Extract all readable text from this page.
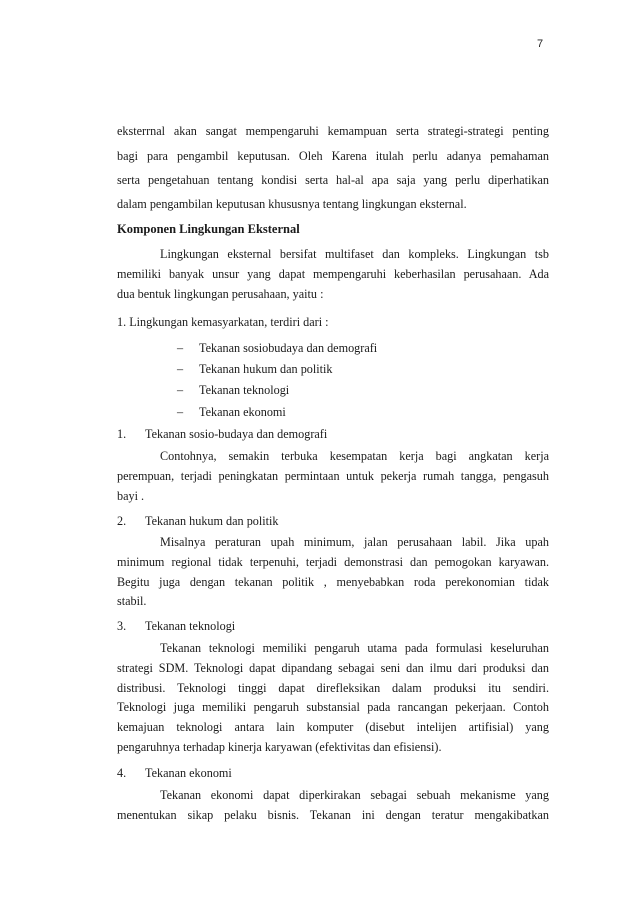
7
eksterrnal akan sangat mempengaruhi kemampuan serta strategi-strategi penting
bagi para pengambil keputusan. Oleh Karena itulah perlu adanya pemahaman
serta pengetahuan tentang kondisi serta hal-al apa saja yang perlu diperhatikan
dalam pengambilan keputusan khususnya tentang lingkungan eksternal.
Komponen Lingkungan Eksternal
Lingkungan eksternal bersifat multifaset dan kompleks. Lingkungan tsb
memiliki banyak unsur yang dapat mempengaruhi keberhasilan perusahaan. Ada
dua bentuk lingkungan perusahaan, yaitu :
1. Lingkungan kemasyarkatan, terdiri dari :
– Tekanan sosiobudaya dan demografi
– Tekanan hukum dan politik
– Tekanan teknologi
– Tekanan ekonomi
1. Tekanan sosio-budaya dan demografi
Contohnya, semakin terbuka kesempatan kerja bagi angkatan kerja
perempuan, terjadi peningkatan permintaan untuk pekerja rumah tangga, pengasuh
bayi .
2. Tekanan hukum dan politik
Misalnya peraturan upah minimum, jalan perusahaan labil. Jika upah
minimum regional tidak terpenuhi, terjadi demonstrasi dan pemogokan karyawan.
Begitu juga dengan tekanan politik , menyebabkan roda perekonomian tidak
stabil.
3. Tekanan teknologi
Tekanan teknologi memiliki pengaruh utama pada formulasi keseluruhan
strategi SDM. Teknologi dapat dipandang sebagai seni dan ilmu dari produksi dan
distribusi. Teknologi tinggi dapat direfleksikan dalam produksi itu sendiri.
Teknologi juga memiliki pengaruh substansial pada rancangan pekerjaan. Contoh
kemajuan teknologi antara lain komputer (disebut intelijen artifisial) yang
pengaruhnya terhadap kinerja karyawan (efektivitas dan efisiensi).
4. Tekanan ekonomi
Tekanan ekonomi dapat diperkirakan sebagai sebuah mekanisme yang
menentukan sikap pelaku bisnis. Tekanan ini dengan teratur mengakibatkan
